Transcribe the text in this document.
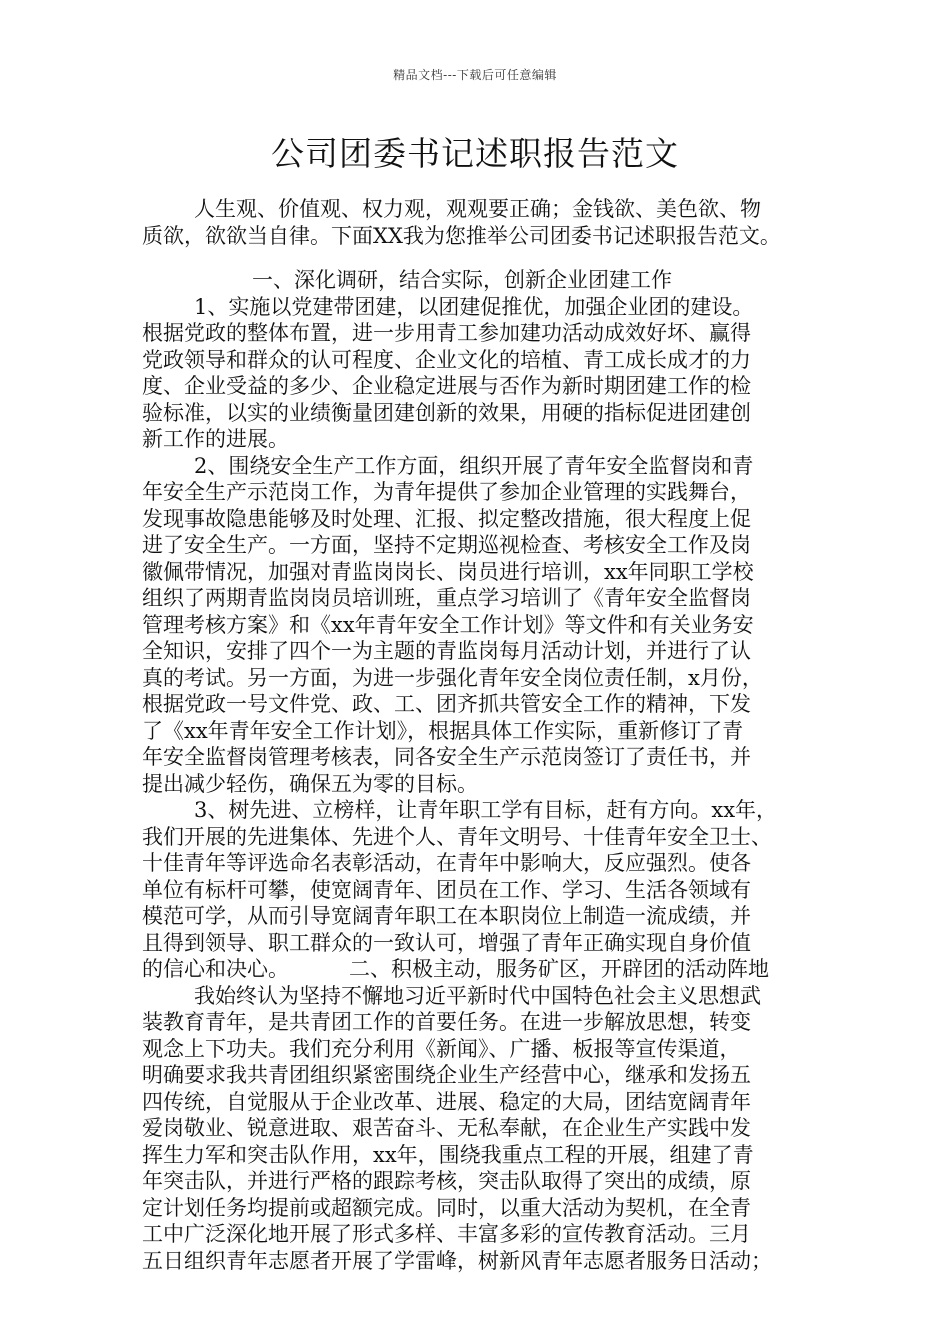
精品文档---下载后可任意编辑
公司团委书记述职报告范文
人生观、价值观、权力观，观观要正确；金钱欲、美色欲、物
质欲，欲欲当自律。下面XX我为您推举公司团委书记述职报告范文。
一、深化调研，结合实际，创新企业团建工作
1、实施以党建带团建，以团建促推优，加强企业团的建设。
根据党政的整体布置，进一步用青工参加建功活动成效好坏、赢得
党政领导和群众的认可程度、企业文化的培植、青工成长成才的力
度、企业受益的多少、企业稳定进展与否作为新时期团建工作的检
验标准，以实的业绩衡量团建创新的效果，用硬的指标促进团建创
新工作的进展。
2、围绕安全生产工作方面，组织开展了青年安全监督岗和青
年安全生产示范岗工作，为青年提供了参加企业管理的实践舞台，
发现事故隐患能够及时处理、汇报、拟定整改措施，很大程度上促
进了安全生产。一方面，坚持不定期巡视检查、考核安全工作及岗
徽佩带情况，加强对青监岗岗长、岗员进行培训，xx年同职工学校
组织了两期青监岗岗员培训班，重点学习培训了《青年安全监督岗
管理考核方案》和《xx年青年安全工作计划》等文件和有关业务安
全知识，安排了四个一为主题的青监岗每月活动计划，并进行了认
真的考试。另一方面，为进一步强化青年安全岗位责任制，x月份，
根据党政一号文件党、政、工、团齐抓共管安全工作的精神，下发
了《xx年青年安全工作计划》，根据具体工作实际，重新修订了青
年安全监督岗管理考核表，同各安全生产示范岗签订了责任书，并
提出减少轻伤，确保五为零的目标。
3、树先进、立榜样，让青年职工学有目标，赶有方向。xx年，
我们开展的先进集体、先进个人、青年文明号、十佳青年安全卫士、
十佳青年等评选命名表彰活动，在青年中影响大，反应强烈。使各
单位有标杆可攀，使宽阔青年、团员在工作、学习、生活各领域有
模范可学，从而引导宽阔青年职工在本职岗位上制造一流成绩，并
且得到领导、职工群众的一致认可，增强了青年正确实现自身价值
的信心和决心。	二、积极主动，服务矿区，开辟团的活动阵地
我始终认为坚持不懈地习近平新时代中国特色社会主义思想武
装教育青年，是共青团工作的首要任务。在进一步解放思想，转变
观念上下功夫。我们充分利用《新闻》、广播、板报等宣传渠道，
明确要求我共青团组织紧密围绕企业生产经营中心，继承和发扬五
四传统，自觉服从于企业改革、进展、稳定的大局，团结宽阔青年
爱岗敬业、锐意进取、艰苦奋斗、无私奉献，在企业生产实践中发
挥生力军和突击队作用，xx年，围绕我重点工程的开展，组建了青
年突击队，并进行严格的跟踪考核，突击队取得了突出的成绩，原
定计划任务均提前或超额完成。同时，以重大活动为契机，在全青
工中广泛深化地开展了形式多样、丰富多彩的宣传教育活动。三月
五日组织青年志愿者开展了学雷峰，树新风青年志愿者服务日活动；
